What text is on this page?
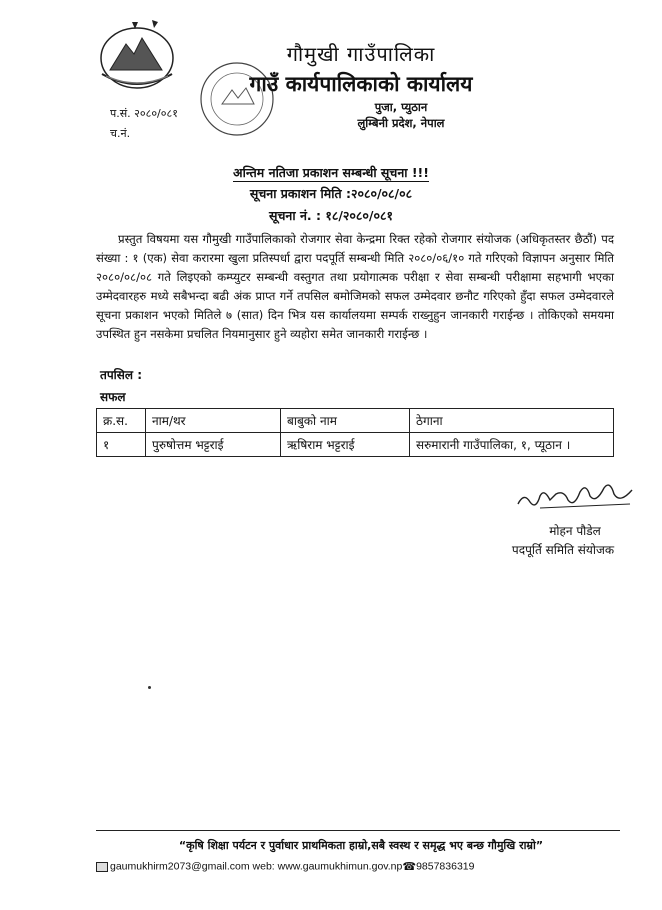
गौमुखी गाउँपालिका
गाउँ कार्यपालिकाको कार्यालय
पुजा, प्युठान
लुम्बिनी प्रदेश, नेपाल
प.सं. २०८०/०८१
च.नं.
अन्तिम नतिजा प्रकाशन सम्बन्धी सूचना !!!
सूचना प्रकाशन मिति :२०८०/०८/०८
सूचना नं. : १८/२०८०/०८१
प्रस्तुत विषयमा यस गौमुखी गाउँपालिकाको रोजगार सेवा केन्द्रमा रिक्त रहेको रोजगार संयोजक (अधिकृतस्तर छैठौं) पद संख्या : १ (एक) सेवा करारमा खुला प्रतिस्पर्धा द्वारा पदपूर्ति सम्बन्धी मिति २०८०/०६/१० गते गरिएको विज्ञापन अनुसार मिति २०८०/०८/०८ गते लिइएको कम्प्युटर सम्बन्धी वस्तुगत तथा प्रयोगात्मक परीक्षा र सेवा सम्बन्धी परीक्षामा सहभागी भएका उम्मेदवारहरु मध्ये सबैभन्दा बढी अंक प्राप्त गर्ने तपसिल बमोजिमको सफल उम्मेदवार छनौट गरिएको हुँदा सफल उम्मेदवारले सूचना प्रकाशन भएको मितिले ७ (सात) दिन भित्र यस कार्यालयमा सम्पर्क राख्नुहुन जानकारी गराईन्छ । तोकिएको समयमा उपस्थित हुन नसकेमा प्रचलित नियमानुसार हुने व्यहोरा समेत जानकारी गराईन्छ ।
तपसिल :
सफल
क्र.स.	नाम/थर	बाबुको नाम	ठेगाना
१	पुरुषोत्तम भट्टराई	ऋषिराम भट्टराई	सरुमारानी गाउँपालिका, १, प्यूठान ।
मोहन पौडेल
पदपूर्ति समिति संयोजक
“कृषि शिक्षा पर्यटन र पुर्वाधार प्राथमिकता हाम्रो,सबै स्वस्थ र समृद्ध भए बन्छ गौमुखि राम्रो”
gaumukhirm2073@gmail.com web: www.gaumukhimun.gov.np☎9857836319
